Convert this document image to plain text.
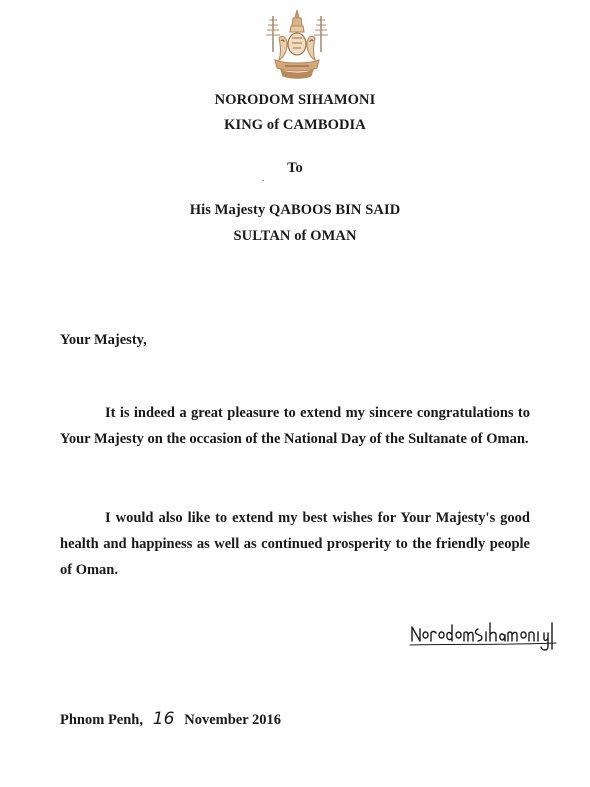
NORODOM SIHAMONI
KING of CAMBODIA
To
His Majesty QABOOS BIN SAID
SULTAN of OMAN
Your Majesty,
It is indeed a great pleasure to extend my sincere congratulations to Your Majesty on the occasion of the National Day of the Sultanate of Oman.
I would also like to extend my best wishes for Your Majesty's good health and happiness as well as continued prosperity to the friendly people of Oman.
Phnom Penh, 16 November 2016
